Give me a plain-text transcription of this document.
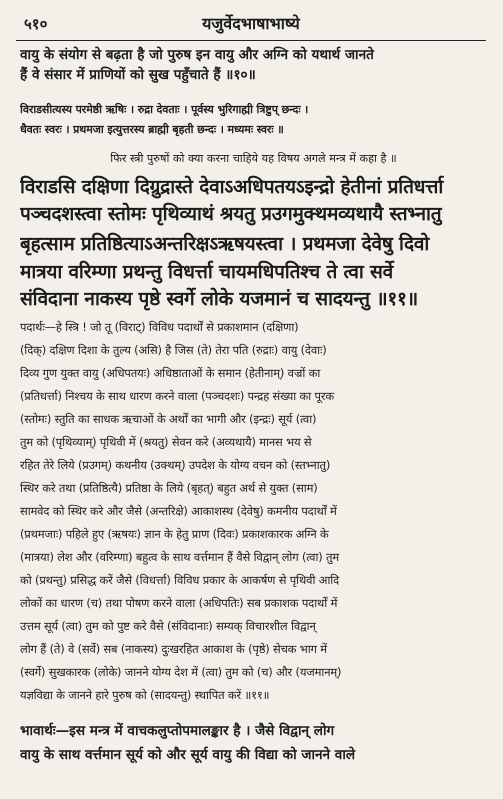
५१०	यजुर्वेदभाषाभाष्ये
वायु के संयोग से बढ़ता है जो पुरुष इन वायु और अग्नि को यथार्थ जानते
हैं वे संसार में प्राणियों को सुख पहुँचाते हैं ॥१०॥
विराडसीत्यस्य परमेष्ठी ऋषिः । रुद्रा देवताः । पूर्वस्य भुरिगाह्मी त्रिष्टुप् छन्दः ।
धैवतः स्वरः । प्रथमजा इत्युत्तरस्य ब्राह्मी बृहती छन्दः । मध्यमः स्वरः ॥
फिर स्त्री पुरुषों को क्या करना चाहिये यह विषय अगले मन्त्र में कहा है ॥
विराडसि दक्षिणा दिग्रुद्रास्ते देवाऽअधिपतयऽइन्द्रो हेतीनां प्रतिधर्त्ता
पञ्चदशस्त्वा स्तोमः पृथिव्याथं श्रयतु प्रउगमुक्थमव्यथायै स्तभ्नातु
बृहत्साम प्रतिष्ठित्याऽअन्तरिक्षऽऋषयस्त्वा । प्रथमजा देवेषु दिवो
मात्रया वरिम्णा प्रथन्तु विधर्त्ता चायमधिपतिश्च ते त्वा सर्वे
संविदाना नाकस्य पृष्ठे स्वर्गे लोके यजमानं च सादयन्तु ॥११॥
पदार्थः—हे स्त्रि ! जो तू (विराट्) विविध पदार्थों से प्रकाशमान (दक्षिणा)
(दिक्) दक्षिण दिशा के तुल्य (असि) है जिस (ते) तेरा पति (रुद्राः) वायु (देवाः)
दिव्य गुण युक्त वायु (अधिपतयः) अधिष्ठाताओं के समान (हेतीनाम्) वज्रों का
(प्रतिधर्त्ता) निश्चय के साथ धारण करने वाला (पञ्चदशः) पन्द्रह संख्या का पूरक
(स्तोमः) स्तुति का साधक ऋचाओं के अर्थों का भागी और (इन्द्रः) सूर्य (त्वा)
तुम को (पृथिव्याम्) पृथिवी में (श्रयतु) सेवन करे (अव्यथायै) मानस भय से
रहित तेरे लिये (प्रउगम्) कथनीय (उक्थम्) उपदेश के योग्य वचन को (स्तभ्नातु)
स्थिर करे तथा (प्रतिष्ठित्यै) प्रतिष्ठा के लिये (बृहत्) बहुत अर्थ से युक्त (साम)
सामवेद को स्थिर करे और जैसे (अन्तरिक्षे) आकाशस्थ (देवेषु) कमनीय पदार्थों में
(प्रथमजाः) पहिले हुए (ऋषयः) ज्ञान के हेतु प्राण (दिवः) प्रकाशकारक अग्नि के
(मात्रया) लेश और (वरिम्णा) बहुत्व के साथ वर्त्तमान हैं वैसे विद्वान् लोग (त्वा) तुम
को (प्रथन्तु) प्रसिद्ध करें जैसे (विधर्त्ता) विविध प्रकार के आकर्षण से पृथिवी आदि
लोकों का धारण (च) तथा पोषण करने वाला (अधिपतिः) सब प्रकाशक पदार्थों में
उत्तम सूर्य (त्वा) तुम को पुष्ट करे वैसे (संविदानाः) सम्यक् विचारशील विद्वान्
लोग हैं (ते) वे (सर्वे) सब (नाकस्य) दुःखरहित आकाश के (पृष्ठे) सेचक भाग में
(स्वर्गे) सुखकारक (लोके) जानने योग्य देश में (त्वा) तुम को (च) और (यजमानम्)
यज्ञविद्या के जानने हारे पुरुष को (सादयन्तु) स्थापित करें ॥११॥
भावार्थः—इस मन्त्र में वाचकलुप्तोपमालङ्कार है । जैसे विद्वान् लोग
वायु के साथ वर्त्तमान सूर्य को और सूर्य वायु की विद्या को जानने वाले
